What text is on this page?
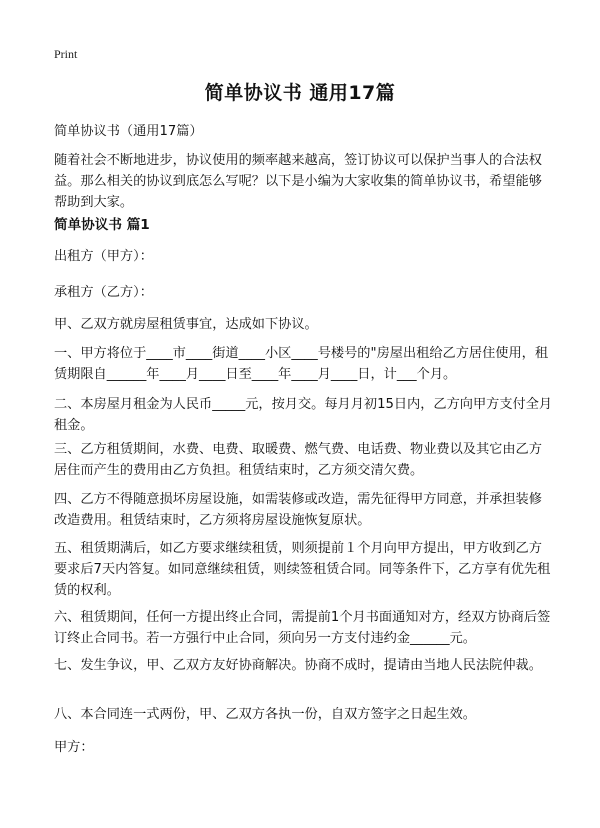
Print
简单协议书 通用17篇
简单协议书（通用17篇）
随着社会不断地进步，协议使用的频率越来越高，签订协议可以保护当事人的合法权益。那么相关的协议到底怎么写呢？以下是小编为大家收集的简单协议书，希望能够帮助到大家。
简单协议书 篇1
出租方（甲方）：
承租方（乙方）：
甲、乙双方就房屋租赁事宜，达成如下协议。
一、甲方将位于____市____街道____小区____号楼号的"房屋出租给乙方居住使用，租赁期限自______年____月____日至____年____月____日，计___个月。
二、本房屋月租金为人民币_____元，按月交。每月月初15日内，乙方向甲方支付全月租金。
三、乙方租赁期间，水费、电费、取暖费、燃气费、电话费、物业费以及其它由乙方居住而产生的费用由乙方负担。租赁结束时，乙方须交清欠费。
四、乙方不得随意损坏房屋设施，如需装修或改造，需先征得甲方同意，并承担装修改造费用。租赁结束时，乙方须将房屋设施恢复原状。
五、租赁期满后，如乙方要求继续租赁，则须提前１个月向甲方提出，甲方收到乙方要求后7天内答复。如同意继续租赁，则续签租赁合同。同等条件下，乙方享有优先租赁的权利。
六、租赁期间，任何一方提出终止合同，需提前1个月书面通知对方，经双方协商后签订终止合同书。若一方强行中止合同，须向另一方支付违约金______元。
七、发生争议，甲、乙双方友好协商解决。协商不成时，提请由当地人民法院仲裁。
八、本合同连一式两份，甲、乙双方各执一份，自双方签字之日起生效。
甲方：
